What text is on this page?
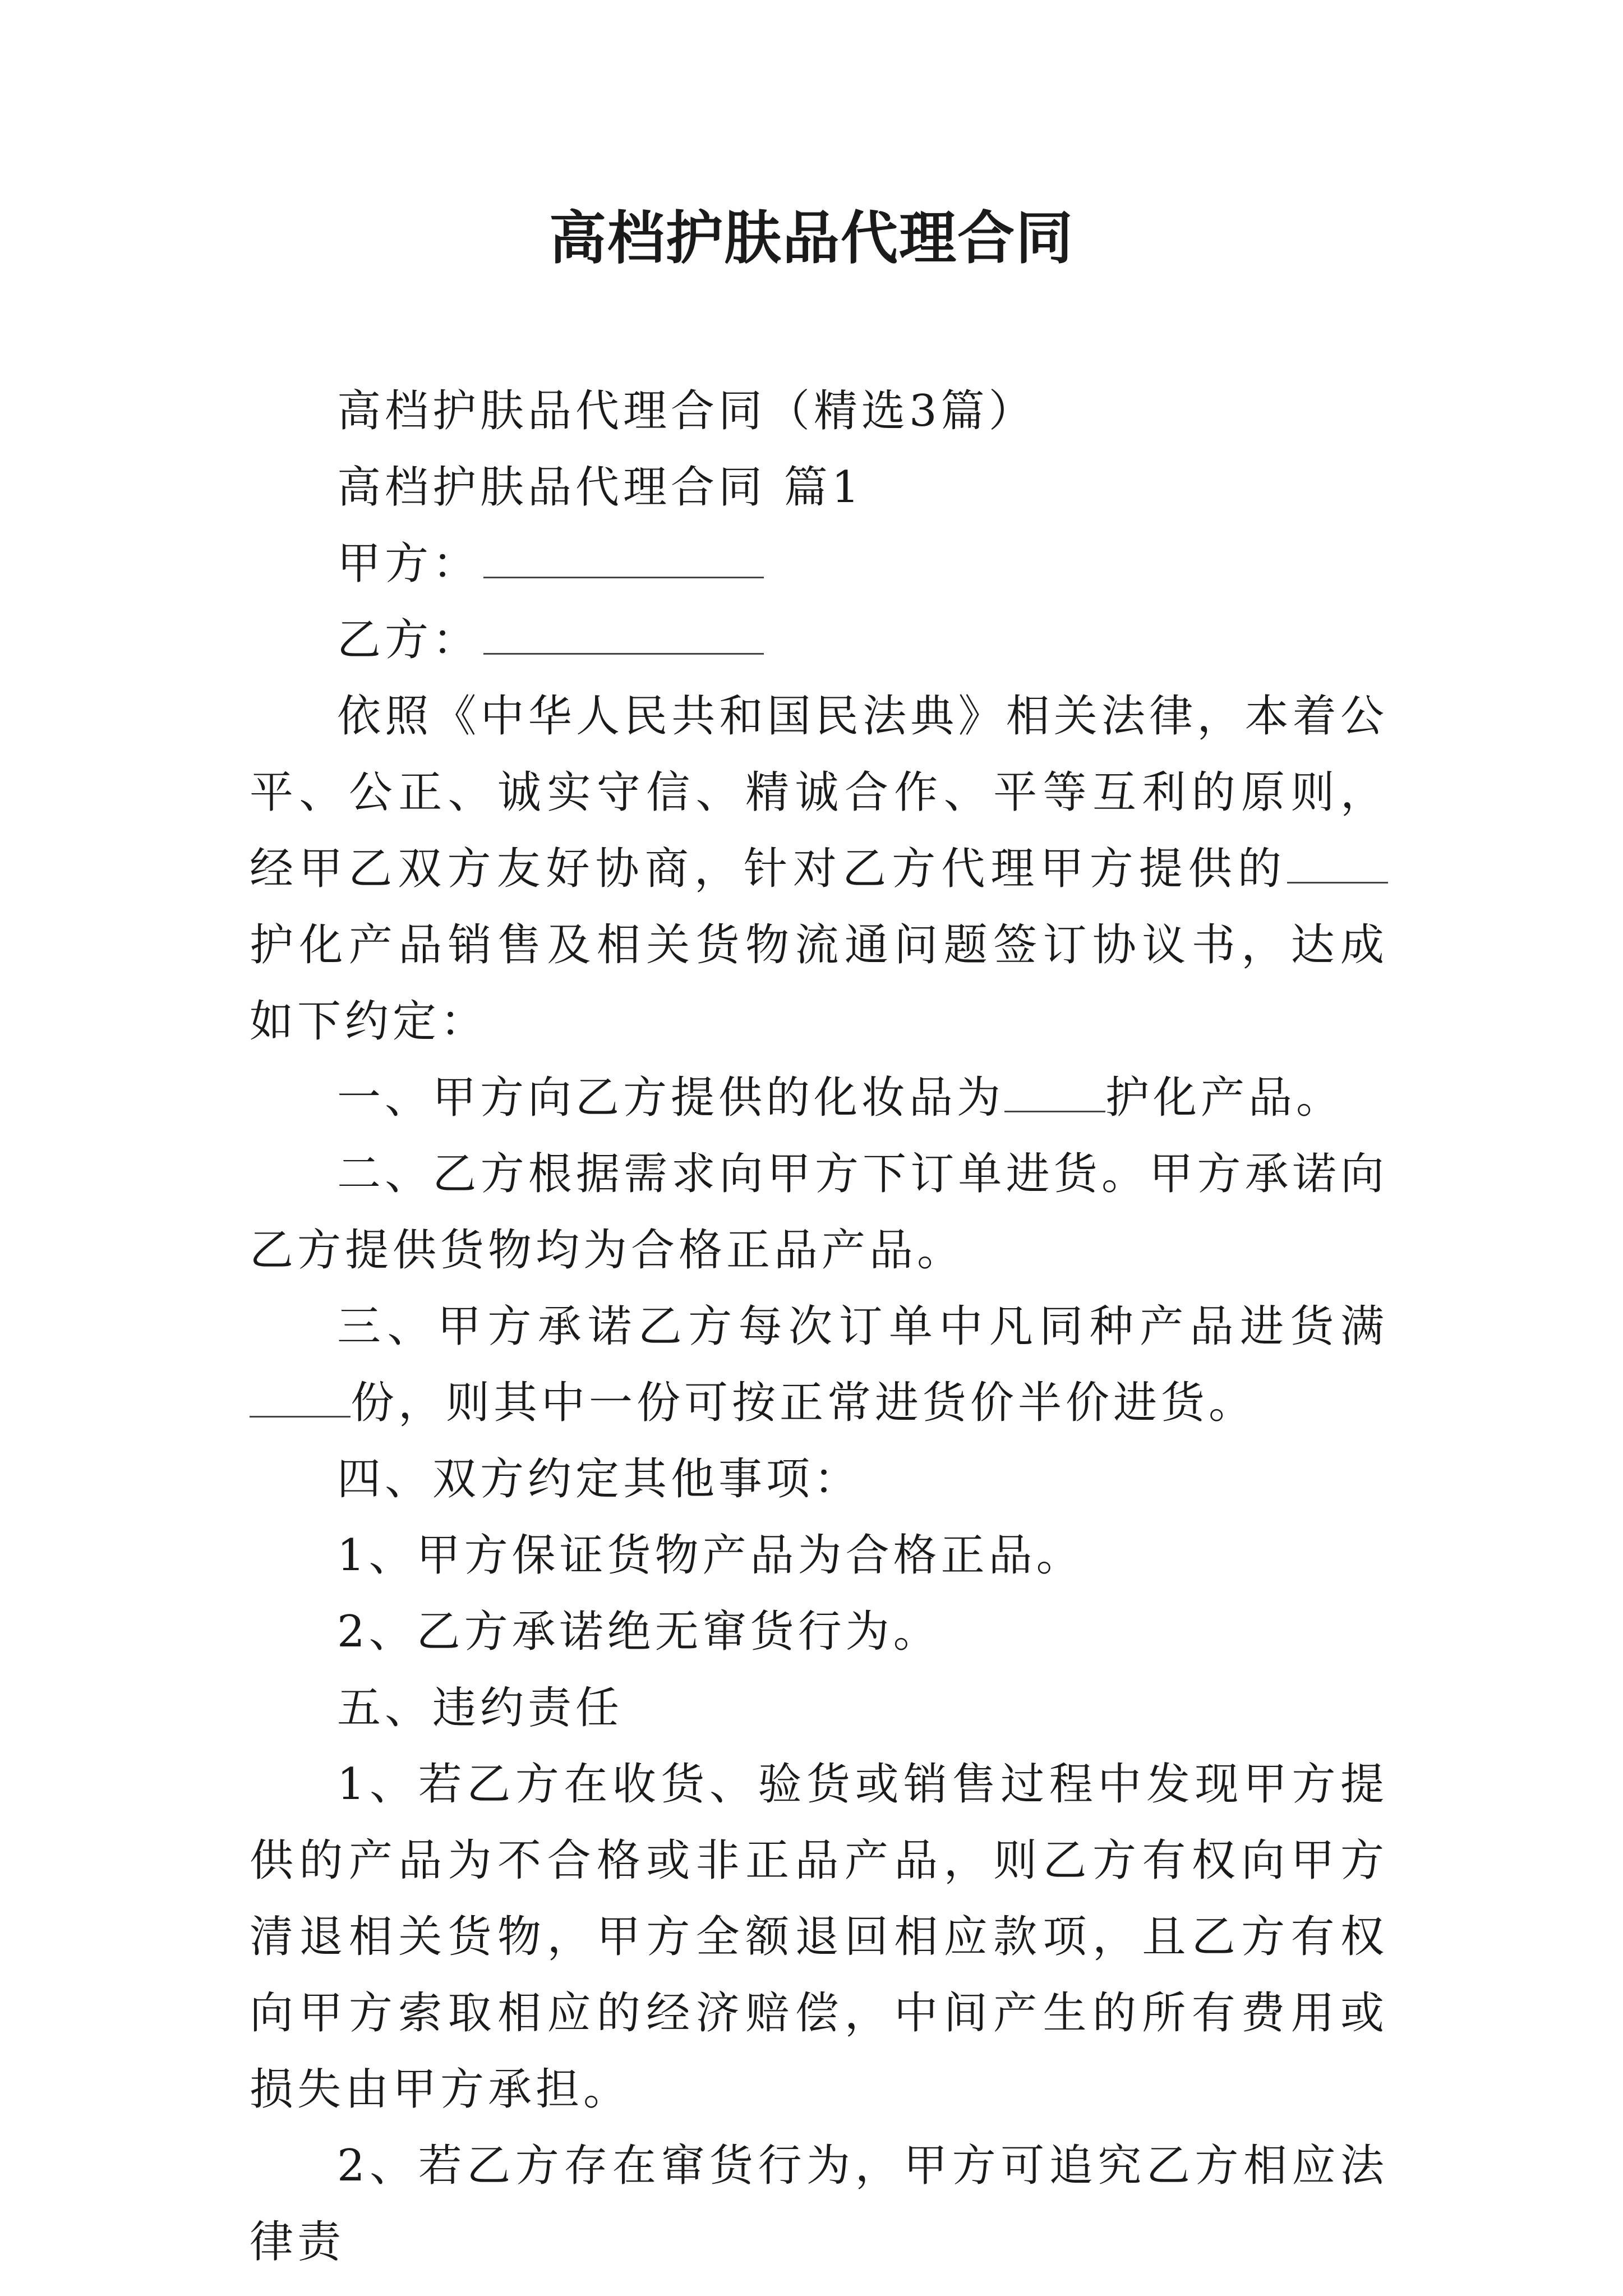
高档护肤品代理合同

高档护肤品代理合同（精选3篇）

高档护肤品代理合同 篇1

甲方：

乙方：

依照《中华人民共和国民法典》相关法律，本着公平、公正、诚实守信、精诚合作、平等互利的原则，经甲乙双方友好协商，针对乙方代理甲方提供的护化产品销售及相关货物流通问题签订协议书，达成如下约定：

一、甲方向乙方提供的化妆品为 护化产品。

二、乙方根据需求向甲方下订单进货。甲方承诺向乙方提供货物均为合格正品产品。

三、甲方承诺乙方每次订单中凡同种产品进货满份，则其中一份可按正常进货价半价进货。

四、双方约定其他事项：

1、甲方保证货物产品为合格正品。

2、乙方承诺绝无窜货行为。

五、违约责任

1、若乙方在收货、验货或销售过程中发现甲方提供的产品为不合格或非正品产品，则乙方有权向甲方清退相关货物，甲方全额退回相应款项，且乙方有权向甲方索取相应的经济赔偿，中间产生的所有费用或损失由甲方承担。

2、若乙方存在窜货行为，甲方可追究乙方相应法律责
